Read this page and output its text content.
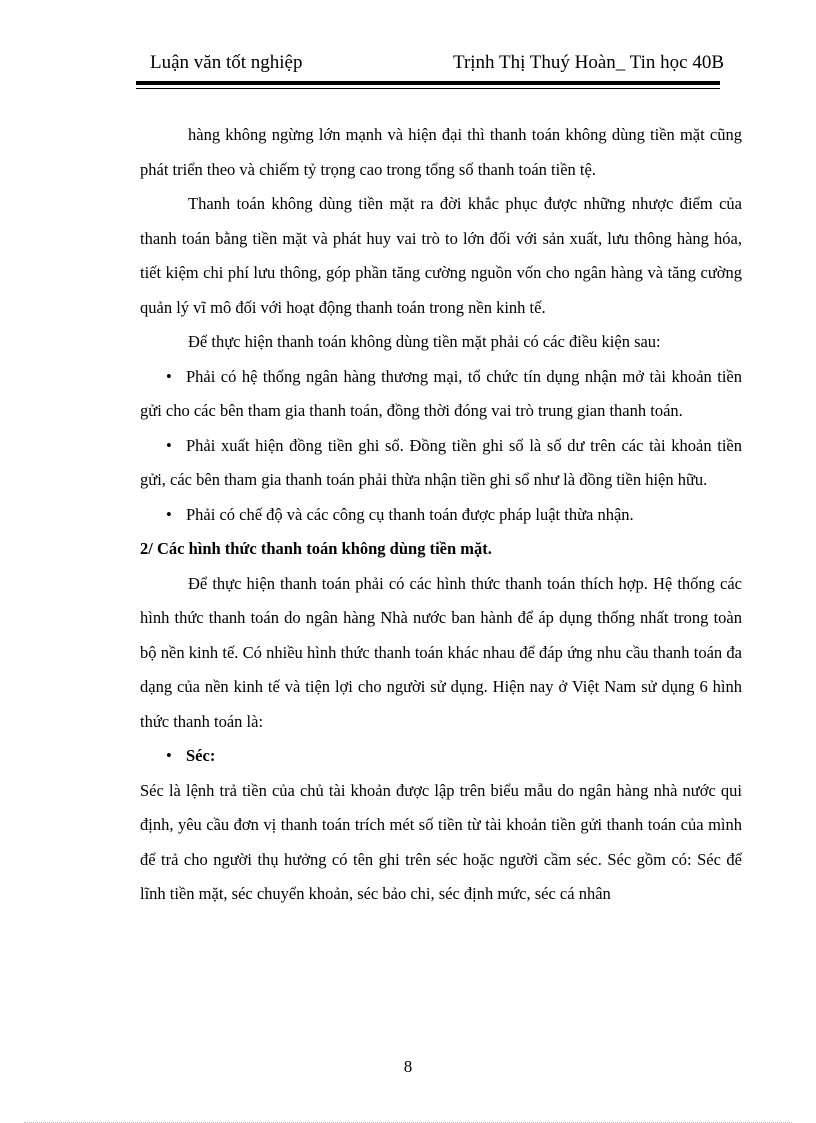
Luận văn tốt nghiệp	Trịnh Thị Thuý Hoàn_ Tin học 40B

hàng không ngừng lớn mạnh và hiện đại thì thanh toán không dùng tiền mặt cũng phát triển theo và chiếm tỷ trọng cao trong tổng số thanh toán tiền tệ.

Thanh toán không dùng tiền mặt ra đời khắc phục được những nhược điểm của thanh toán bằng tiền mặt và phát huy vai trò to lớn đối với sản xuất, lưu thông hàng hóa, tiết kiệm chi phí lưu thông, góp phần tăng cường nguồn vốn cho ngân hàng và tăng cường quản lý vĩ mô đối với hoạt động thanh toán trong nền kinh tế.

Để thực hiện thanh toán không dùng tiền mặt phải có các điều kiện sau:

• Phải có hệ thống ngân hàng thương mại, tổ chức tín dụng nhận mở tài khoản tiền gửi cho các bên tham gia thanh toán, đồng thời đóng vai trò trung gian thanh toán.

• Phải xuất hiện đồng tiền ghi sổ. Đồng tiền ghi sổ là số dư trên các tài khoản tiền gửi, các bên tham gia thanh toán phải thừa nhận tiền ghi sổ như là đồng tiền hiện hữu.

• Phải có chế độ và các công cụ thanh toán được pháp luật thừa nhận.

2/ Các hình thức thanh toán không dùng tiền mặt.

Để thực hiện thanh toán phải có các hình thức thanh toán thích hợp. Hệ thống các hình thức thanh toán do ngân hàng Nhà nước ban hành để áp dụng thống nhất trong toàn bộ nền kinh tế. Có nhiều hình thức thanh toán khác nhau để đáp ứng nhu cầu thanh toán đa dạng của nền kinh tế và tiện lợi cho người sử dụng. Hiện nay ở Việt Nam sử dụng 6 hình thức thanh toán là:

• Séc:

Séc là lệnh trả tiền của chủ tài khoản được lập trên biểu mẫu do ngân hàng nhà nước qui định, yêu cầu đơn vị thanh toán trích mét số tiền từ tài khoản tiền gửi thanh toán của mình để trả cho người thụ hưởng có tên ghi trên séc hoặc người cầm séc. Séc gồm có: Séc để lĩnh tiền mặt, séc chuyển khoản, séc bảo chi, séc định mức, séc cá nhân

8
